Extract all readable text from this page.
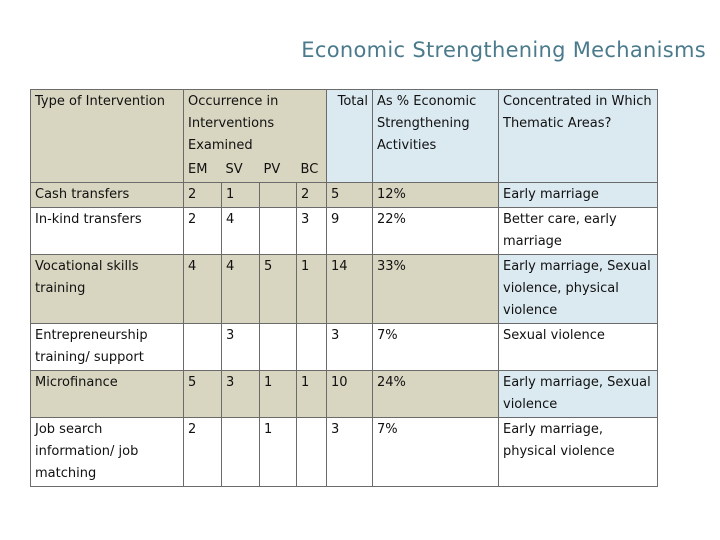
Economic Strengthening Mechanisms
Type of Intervention	Occurrence in Interventions Examined				Total	As % Economic Strengthening Activities	Concentrated in Which Thematic Areas?
	EM	SV	PV	BC			
Cash transfers	2	1		2	5	12%	Early marriage
In-kind transfers	2	4		3	9	22%	Better care, early marriage
Vocational skills training	4	4	5	1	14	33%	Early marriage, Sexual violence, physical violence
Entrepreneurship training/ support		3			3	7%	Sexual violence
Microfinance	5	3	1	1	10	24%	Early marriage, Sexual violence
Job search information/ job matching	2		1		3	7%	Early marriage, physical violence
